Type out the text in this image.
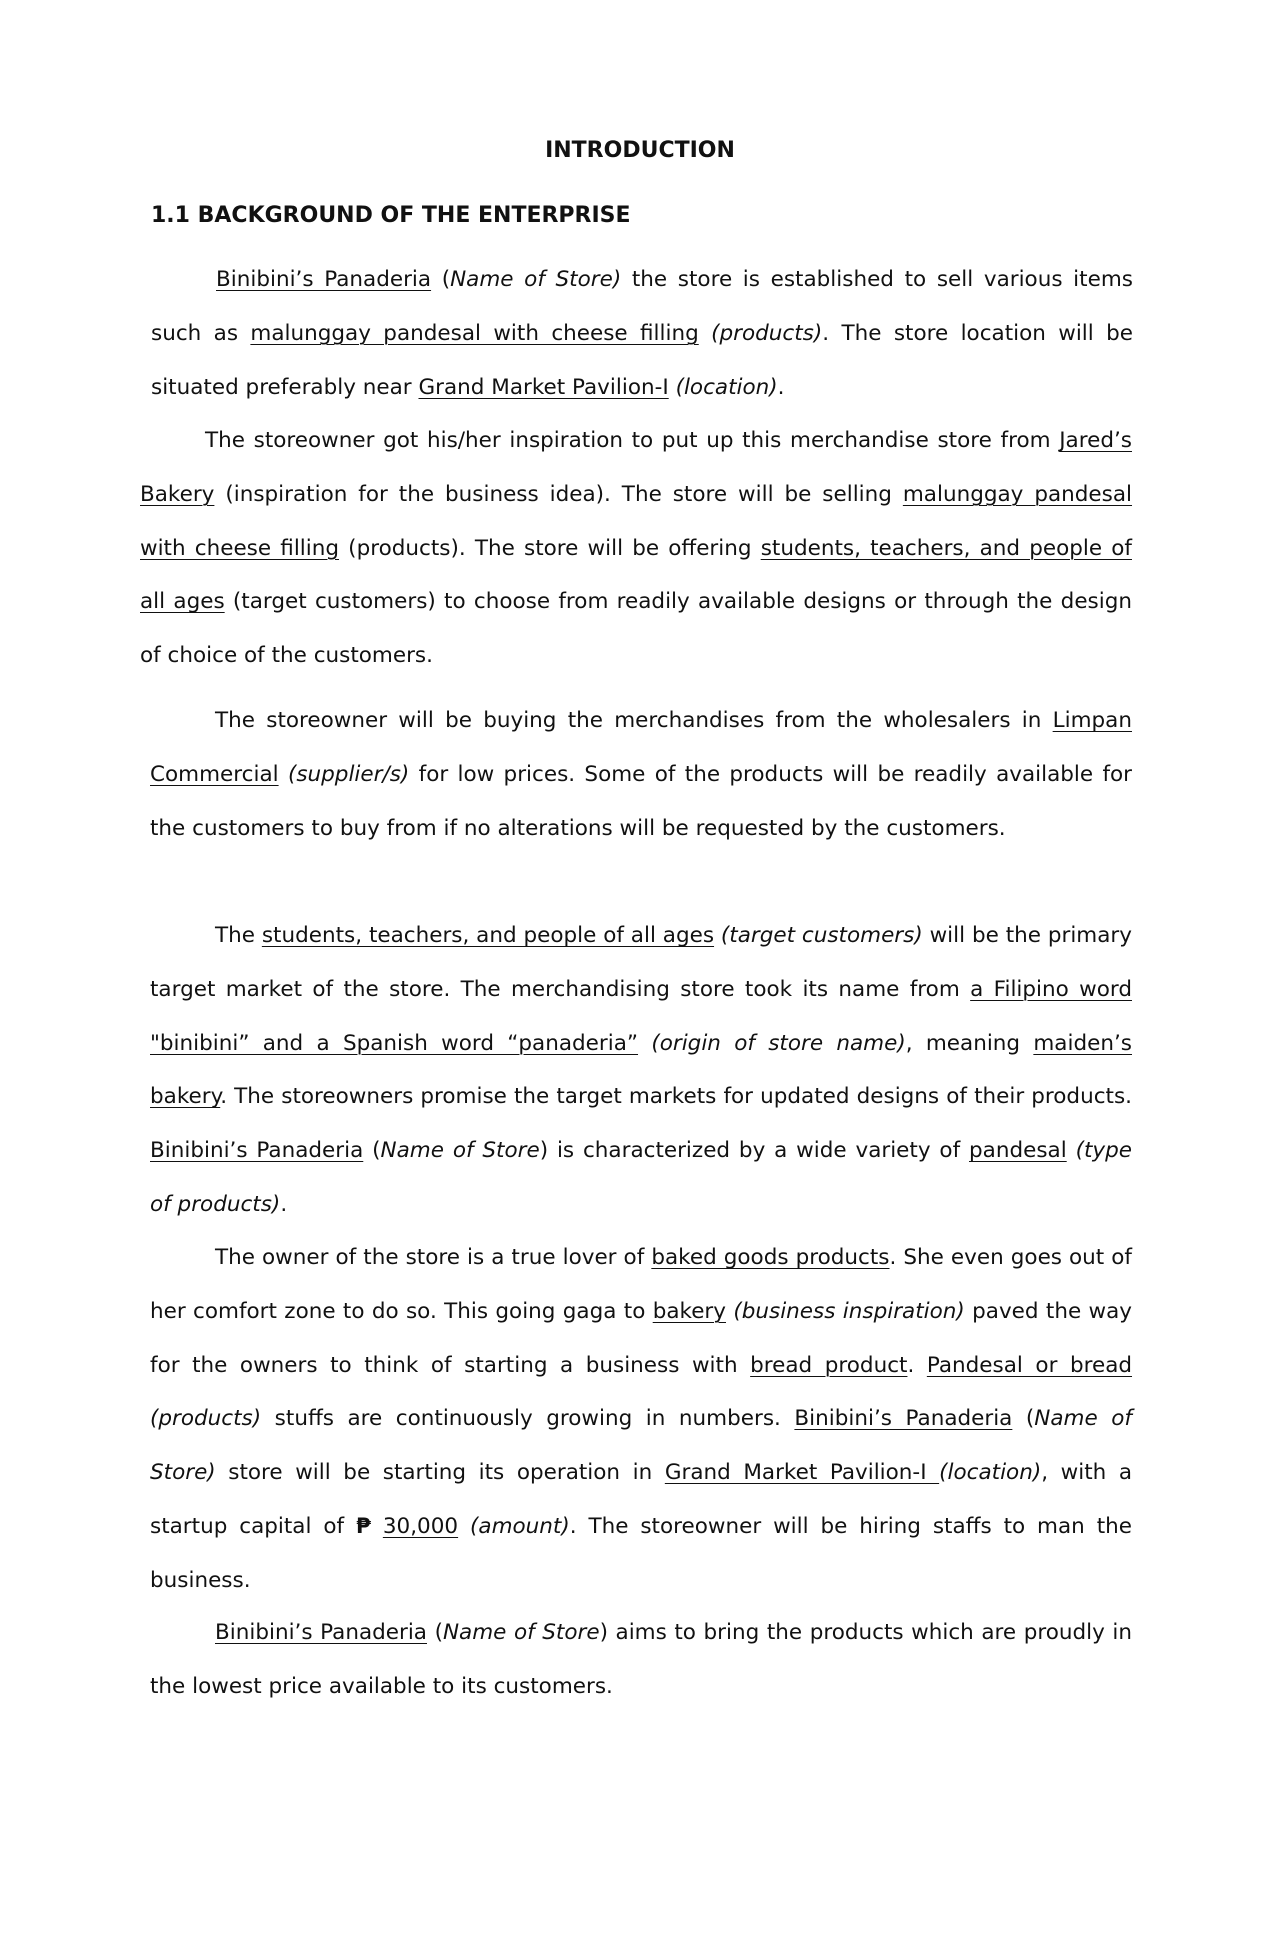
INTRODUCTION
1.1 BACKGROUND OF THE ENTERPRISE

Binibini’s Panaderia (Name of Store) the store is established to sell various items such as malunggay pandesal with cheese filling (products). The store location will be situated preferably near Grand Market Pavilion-I (location).

The storeowner got his/her inspiration to put up this merchandise store from Jared’s Bakery (inspiration for the business idea). The store will be selling malunggay pandesal with cheese filling (products). The store will be offering students, teachers, and people of all ages (target customers) to choose from readily available designs or through the design of choice of the customers.

The storeowner will be buying the merchandises from the wholesalers in Limpan Commercial (supplier/s) for low prices. Some of the products will be readily available for the customers to buy from if no alterations will be requested by the customers.

The students, teachers, and people of all ages (target customers) will be the primary target market of the store. The merchandising store took its name from a Filipino word "binibini” and a Spanish word “panaderia” (origin of store name), meaning maiden’s bakery. The storeowners promise the target markets for updated designs of their products. Binibini’s Panaderia (Name of Store) is characterized by a wide variety of pandesal (type of products).

The owner of the store is a true lover of baked goods products. She even goes out of her comfort zone to do so. This going gaga to bakery (business inspiration) paved the way for the owners to think of starting a business with bread product. Pandesal or bread (products) stuffs are continuously growing in numbers. Binibini’s Panaderia (Name of Store) store will be starting its operation in Grand Market Pavilion-I (location), with a startup capital of ₱ 30,000 (amount). The storeowner will be hiring staffs to man the business.

Binibini’s Panaderia (Name of Store) aims to bring the products which are proudly in the lowest price available to its customers.
